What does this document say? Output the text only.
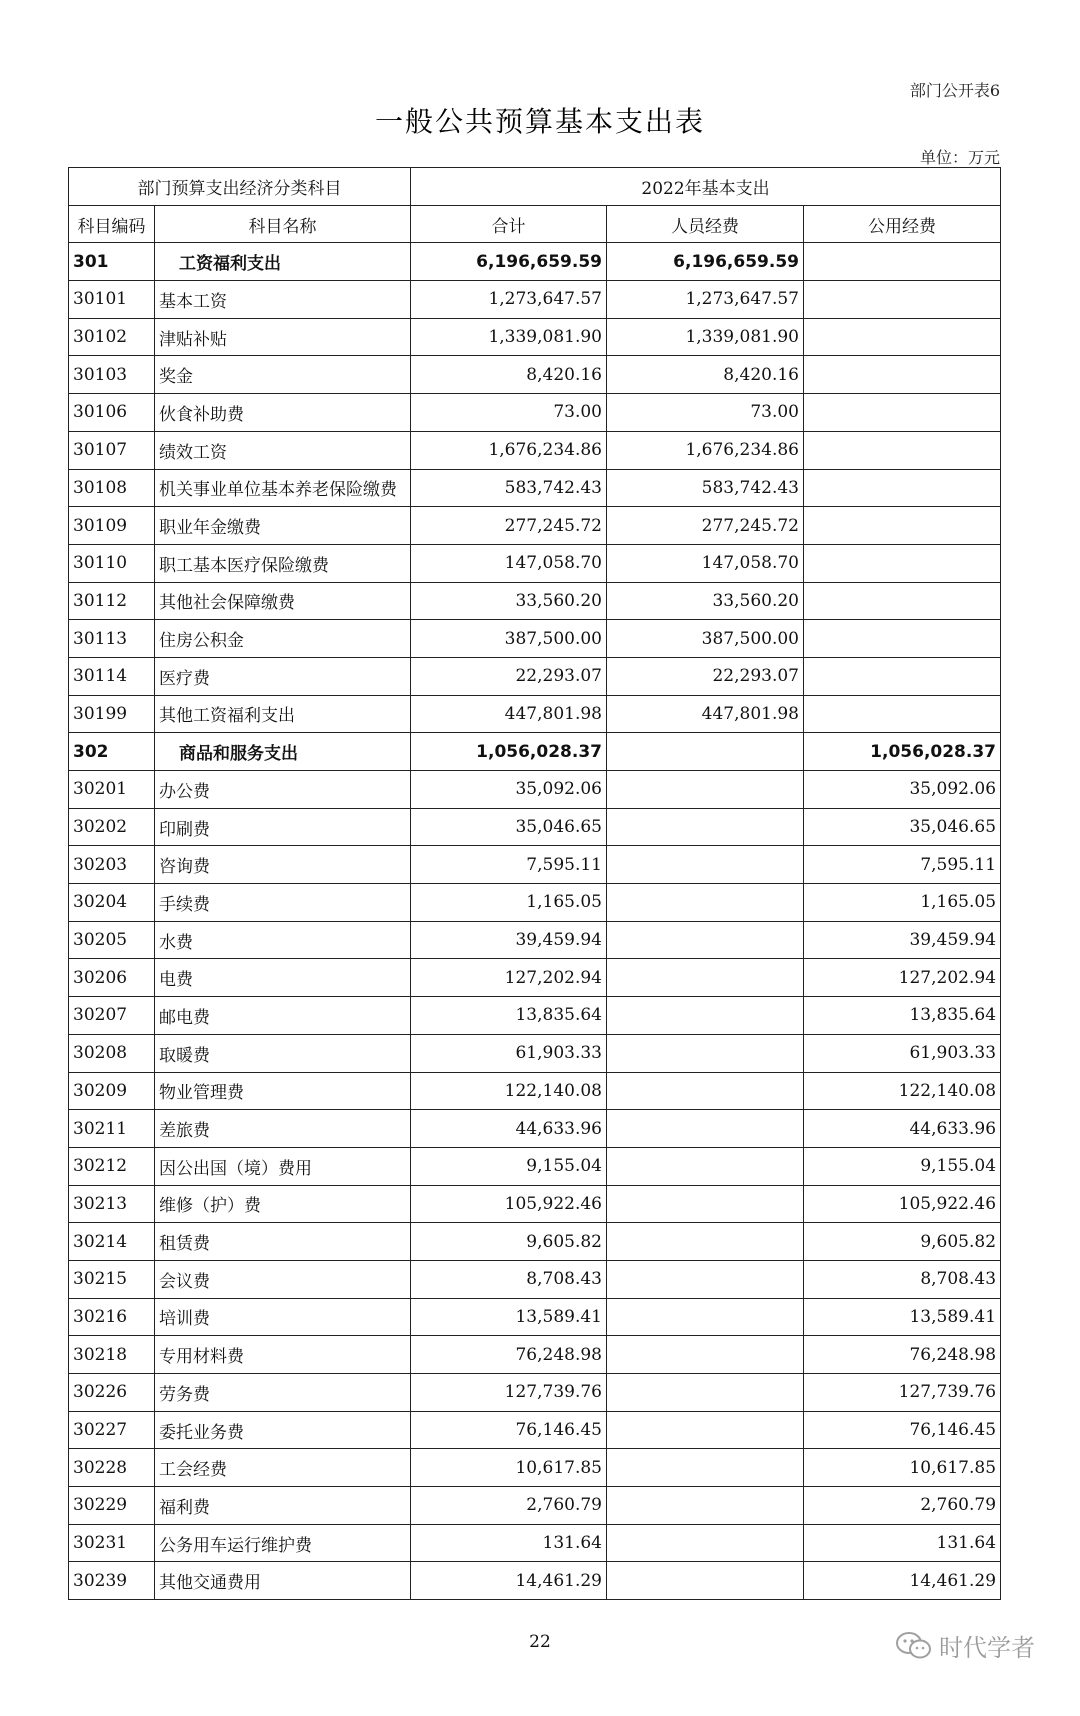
部门公开表6
一般公共预算基本支出表
单位：万元
部门预算支出经济分类科目		2022年基本支出		
科目编码	科目名称	合计	人员经费	公用经费
301	工资福利支出	6,196,659.59	6,196,659.59	
30101	基本工资	1,273,647.57	1,273,647.57	
30102	津贴补贴	1,339,081.90	1,339,081.90	
30103	奖金	8,420.16	8,420.16	
30106	伙食补助费	73.00	73.00	
30107	绩效工资	1,676,234.86	1,676,234.86	
30108	机关事业单位基本养老保险缴费	583,742.43	583,742.43	
30109	职业年金缴费	277,245.72	277,245.72	
30110	职工基本医疗保险缴费	147,058.70	147,058.70	
30112	其他社会保障缴费	33,560.20	33,560.20	
30113	住房公积金	387,500.00	387,500.00	
30114	医疗费	22,293.07	22,293.07	
30199	其他工资福利支出	447,801.98	447,801.98	
302	商品和服务支出	1,056,028.37		1,056,028.37
30201	办公费	35,092.06		35,092.06
30202	印刷费	35,046.65		35,046.65
30203	咨询费	7,595.11		7,595.11
30204	手续费	1,165.05		1,165.05
30205	水费	39,459.94		39,459.94
30206	电费	127,202.94		127,202.94
30207	邮电费	13,835.64		13,835.64
30208	取暖费	61,903.33		61,903.33
30209	物业管理费	122,140.08		122,140.08
30211	差旅费	44,633.96		44,633.96
30212	因公出国（境）费用	9,155.04		9,155.04
30213	维修（护）费	105,922.46		105,922.46
30214	租赁费	9,605.82		9,605.82
30215	会议费	8,708.43		8,708.43
30216	培训费	13,589.41		13,589.41
30218	专用材料费	76,248.98		76,248.98
30226	劳务费	127,739.76		127,739.76
30227	委托业务费	76,146.45		76,146.45
30228	工会经费	10,617.85		10,617.85
30229	福利费	2,760.79		2,760.79
30231	公务用车运行维护费	131.64		131.64
30239	其他交通费用	14,461.29		14,461.29
22	时代学者
